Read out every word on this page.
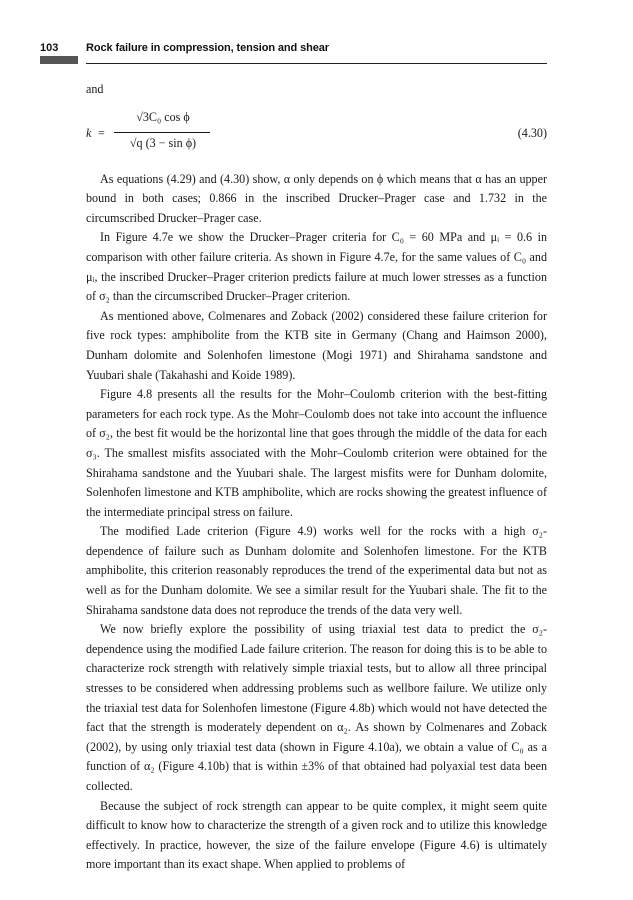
103	Rock failure in compression, tension and shear

and

k =
√3C₀ cos ϕ
√q (3 − sin ϕ)
(4.30)

As equations (4.29) and (4.30) show, α only depends on ϕ which means that α has an upper bound in both cases; 0.866 in the inscribed Drucker–Prager case and 1.732 in the circumscribed Drucker–Prager case.

In Figure 4.7e we show the Drucker–Prager criteria for C₀ = 60 MPa and μᵢ = 0.6 in comparison with other failure criteria. As shown in Figure 4.7e, for the same values of C₀ and μᵢ, the inscribed Drucker–Prager criterion predicts failure at much lower stresses as a function of σ₂ than the circumscribed Drucker–Prager criterion.

As mentioned above, Colmenares and Zoback (2002) considered these failure criterion for five rock types: amphibolite from the KTB site in Germany (Chang and Haimson 2000), Dunham dolomite and Solenhofen limestone (Mogi 1971) and Shirahama sandstone and Yuubari shale (Takahashi and Koide 1989).

Figure 4.8 presents all the results for the Mohr–Coulomb criterion with the best-fitting parameters for each rock type. As the Mohr–Coulomb does not take into account the influence of σ₂, the best fit would be the horizontal line that goes through the middle of the data for each σ₃. The smallest misfits associated with the Mohr–Coulomb criterion were obtained for the Shirahama sandstone and the Yuubari shale. The largest misfits were for Dunham dolomite, Solenhofen limestone and KTB amphibolite, which are rocks showing the greatest influence of the intermediate principal stress on failure.

The modified Lade criterion (Figure 4.9) works well for the rocks with a high σ₂-dependence of failure such as Dunham dolomite and Solenhofen limestone. For the KTB amphibolite, this criterion reasonably reproduces the trend of the experimental data but not as well as for the Dunham dolomite. We see a similar result for the Yuubari shale. The fit to the Shirahama sandstone data does not reproduce the trends of the data very well.

We now briefly explore the possibility of using triaxial test data to predict the σ₂-dependence using the modified Lade failure criterion. The reason for doing this is to be able to characterize rock strength with relatively simple triaxial tests, but to allow all three principal stresses to be considered when addressing problems such as wellbore failure. We utilize only the triaxial test data for Solenhofen limestone (Figure 4.8b) which would not have detected the fact that the strength is moderately dependent on α₂. As shown by Colmenares and Zoback (2002), by using only triaxial test data (shown in Figure 4.10a), we obtain a value of C₀ as a function of α₂ (Figure 4.10b) that is within ±3% of that obtained had polyaxial test data been collected.

Because the subject of rock strength can appear to be quite complex, it might seem quite difficult to know how to characterize the strength of a given rock and to utilize this knowledge effectively. In practice, however, the size of the failure envelope (Figure 4.6) is ultimately more important than its exact shape. When applied to problems of
